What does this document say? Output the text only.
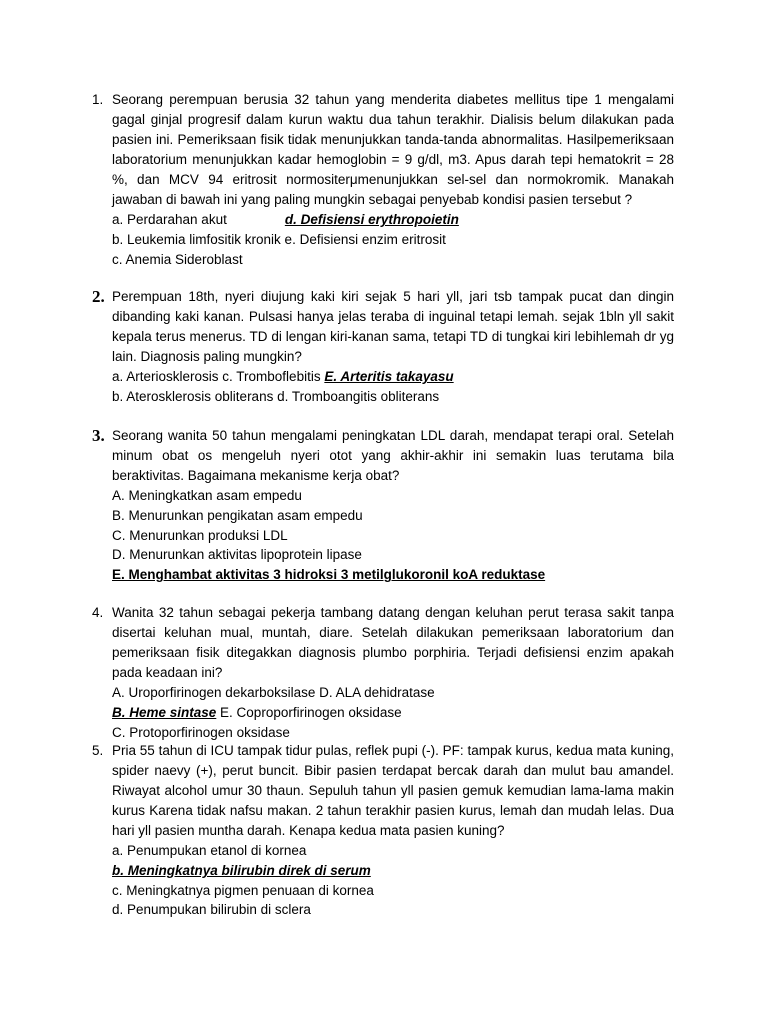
1. Seorang perempuan berusia 32 tahun yang menderita diabetes mellitus tipe 1 mengalami gagal ginjal progresif dalam kurun waktu dua tahun terakhir. Dialisis belum dilakukan pada pasien ini. Pemeriksaan fisik tidak menunjukkan tanda-tanda abnormalitas. Hasilpemeriksaan laboratorium menunjukkan kadar hemoglobin = 9 g/dl, m3. Apus darah tepi hematokrit = 28 %, dan MCV 94 eritrosit normositerμmenunjukkan sel-sel dan normokromik. Manakah jawaban di bawah ini yang paling mungkin sebagai penyebab kondisi pasien tersebut ?
a. Perdarahan akut	d. Defisiensi erythropoietin
b. Leukemia limfositik kronik e. Defisiensi enzim eritrosit
c. Anemia Sideroblast
2. Perempuan 18th, nyeri diujung kaki kiri sejak 5 hari yll, jari tsb tampak pucat dan dingin dibanding kaki kanan. Pulsasi hanya jelas teraba di inguinal tetapi lemah. sejak 1bln yll sakit kepala terus menerus. TD di lengan kiri-kanan sama, tetapi TD di tungkai kiri lebihlemah dr yg lain. Diagnosis paling mungkin?
a. Arteriosklerosis c. Tromboflebitis E. Arteritis takayasu
b. Aterosklerosis obliterans d. Tromboangitis obliterans
3. Seorang wanita 50 tahun mengalami peningkatan LDL darah, mendapat terapi oral. Setelah minum obat os mengeluh nyeri otot yang akhir-akhir ini semakin luas terutama bila beraktivitas. Bagaimana mekanisme kerja obat?
A. Meningkatkan asam empedu
B. Menurunkan pengikatan asam empedu
C. Menurunkan produksi LDL
D. Menurunkan aktivitas lipoprotein lipase
E. Menghambat aktivitas 3 hidroksi 3 metilglukoronil koA reduktase
4. Wanita 32 tahun sebagai pekerja tambang datang dengan keluhan perut terasa sakit tanpa disertai keluhan mual, muntah, diare. Setelah dilakukan pemeriksaan laboratorium dan pemeriksaan fisik ditegakkan diagnosis plumbo porphiria. Terjadi defisiensi enzim apakah pada keadaan ini?
A. Uroporfirinogen dekarboksilase D. ALA dehidratase
B. Heme sintase E. Coproporfirinogen oksidase
C. Protoporfirinogen oksidase
5. Pria 55 tahun di ICU tampak tidur pulas, reflek pupi (-). PF: tampak kurus, kedua mata kuning, spider naevy (+), perut buncit. Bibir pasien terdapat bercak darah dan mulut bau amandel. Riwayat alcohol umur 30 thaun. Sepuluh tahun yll pasien gemuk kemudian lama-lama makin kurus Karena tidak nafsu makan. 2 tahun terakhir pasien kurus, lemah dan mudah lelas. Dua hari yll pasien muntha darah. Kenapa kedua mata pasien kuning?
a. Penumpukan etanol di kornea
b. Meningkatnya bilirubin direk di serum
c. Meningkatnya pigmen penuaan di kornea
d. Penumpukan bilirubin di sclera
